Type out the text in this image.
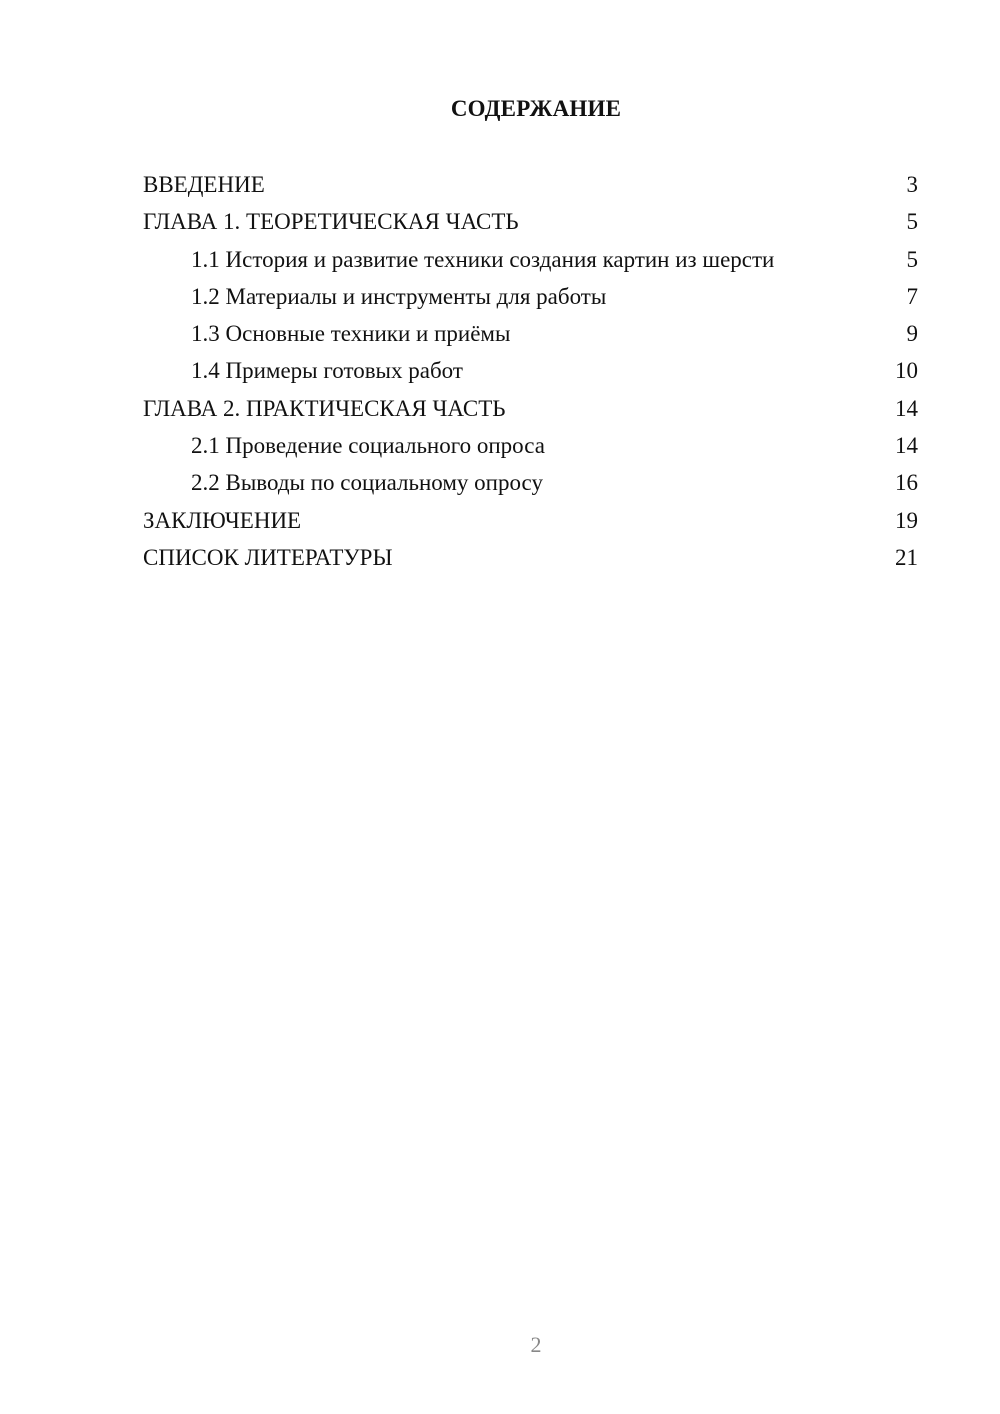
СОДЕРЖАНИЕ
ВВЕДЕНИЕ	3
ГЛАВА 1. ТЕОРЕТИЧЕСКАЯ ЧАСТЬ	5
1.1 История и развитие техники создания картин из шерсти	5
1.2 Материалы и инструменты для работы	7
1.3 Основные техники и приёмы	9
1.4 Примеры готовых работ	10
ГЛАВА 2. ПРАКТИЧЕСКАЯ ЧАСТЬ	14
2.1 Проведение социального опроса	14
2.2 Выводы по социальному опросу	16
ЗАКЛЮЧЕНИЕ	19
СПИСОК ЛИТЕРАТУРЫ	21
2
